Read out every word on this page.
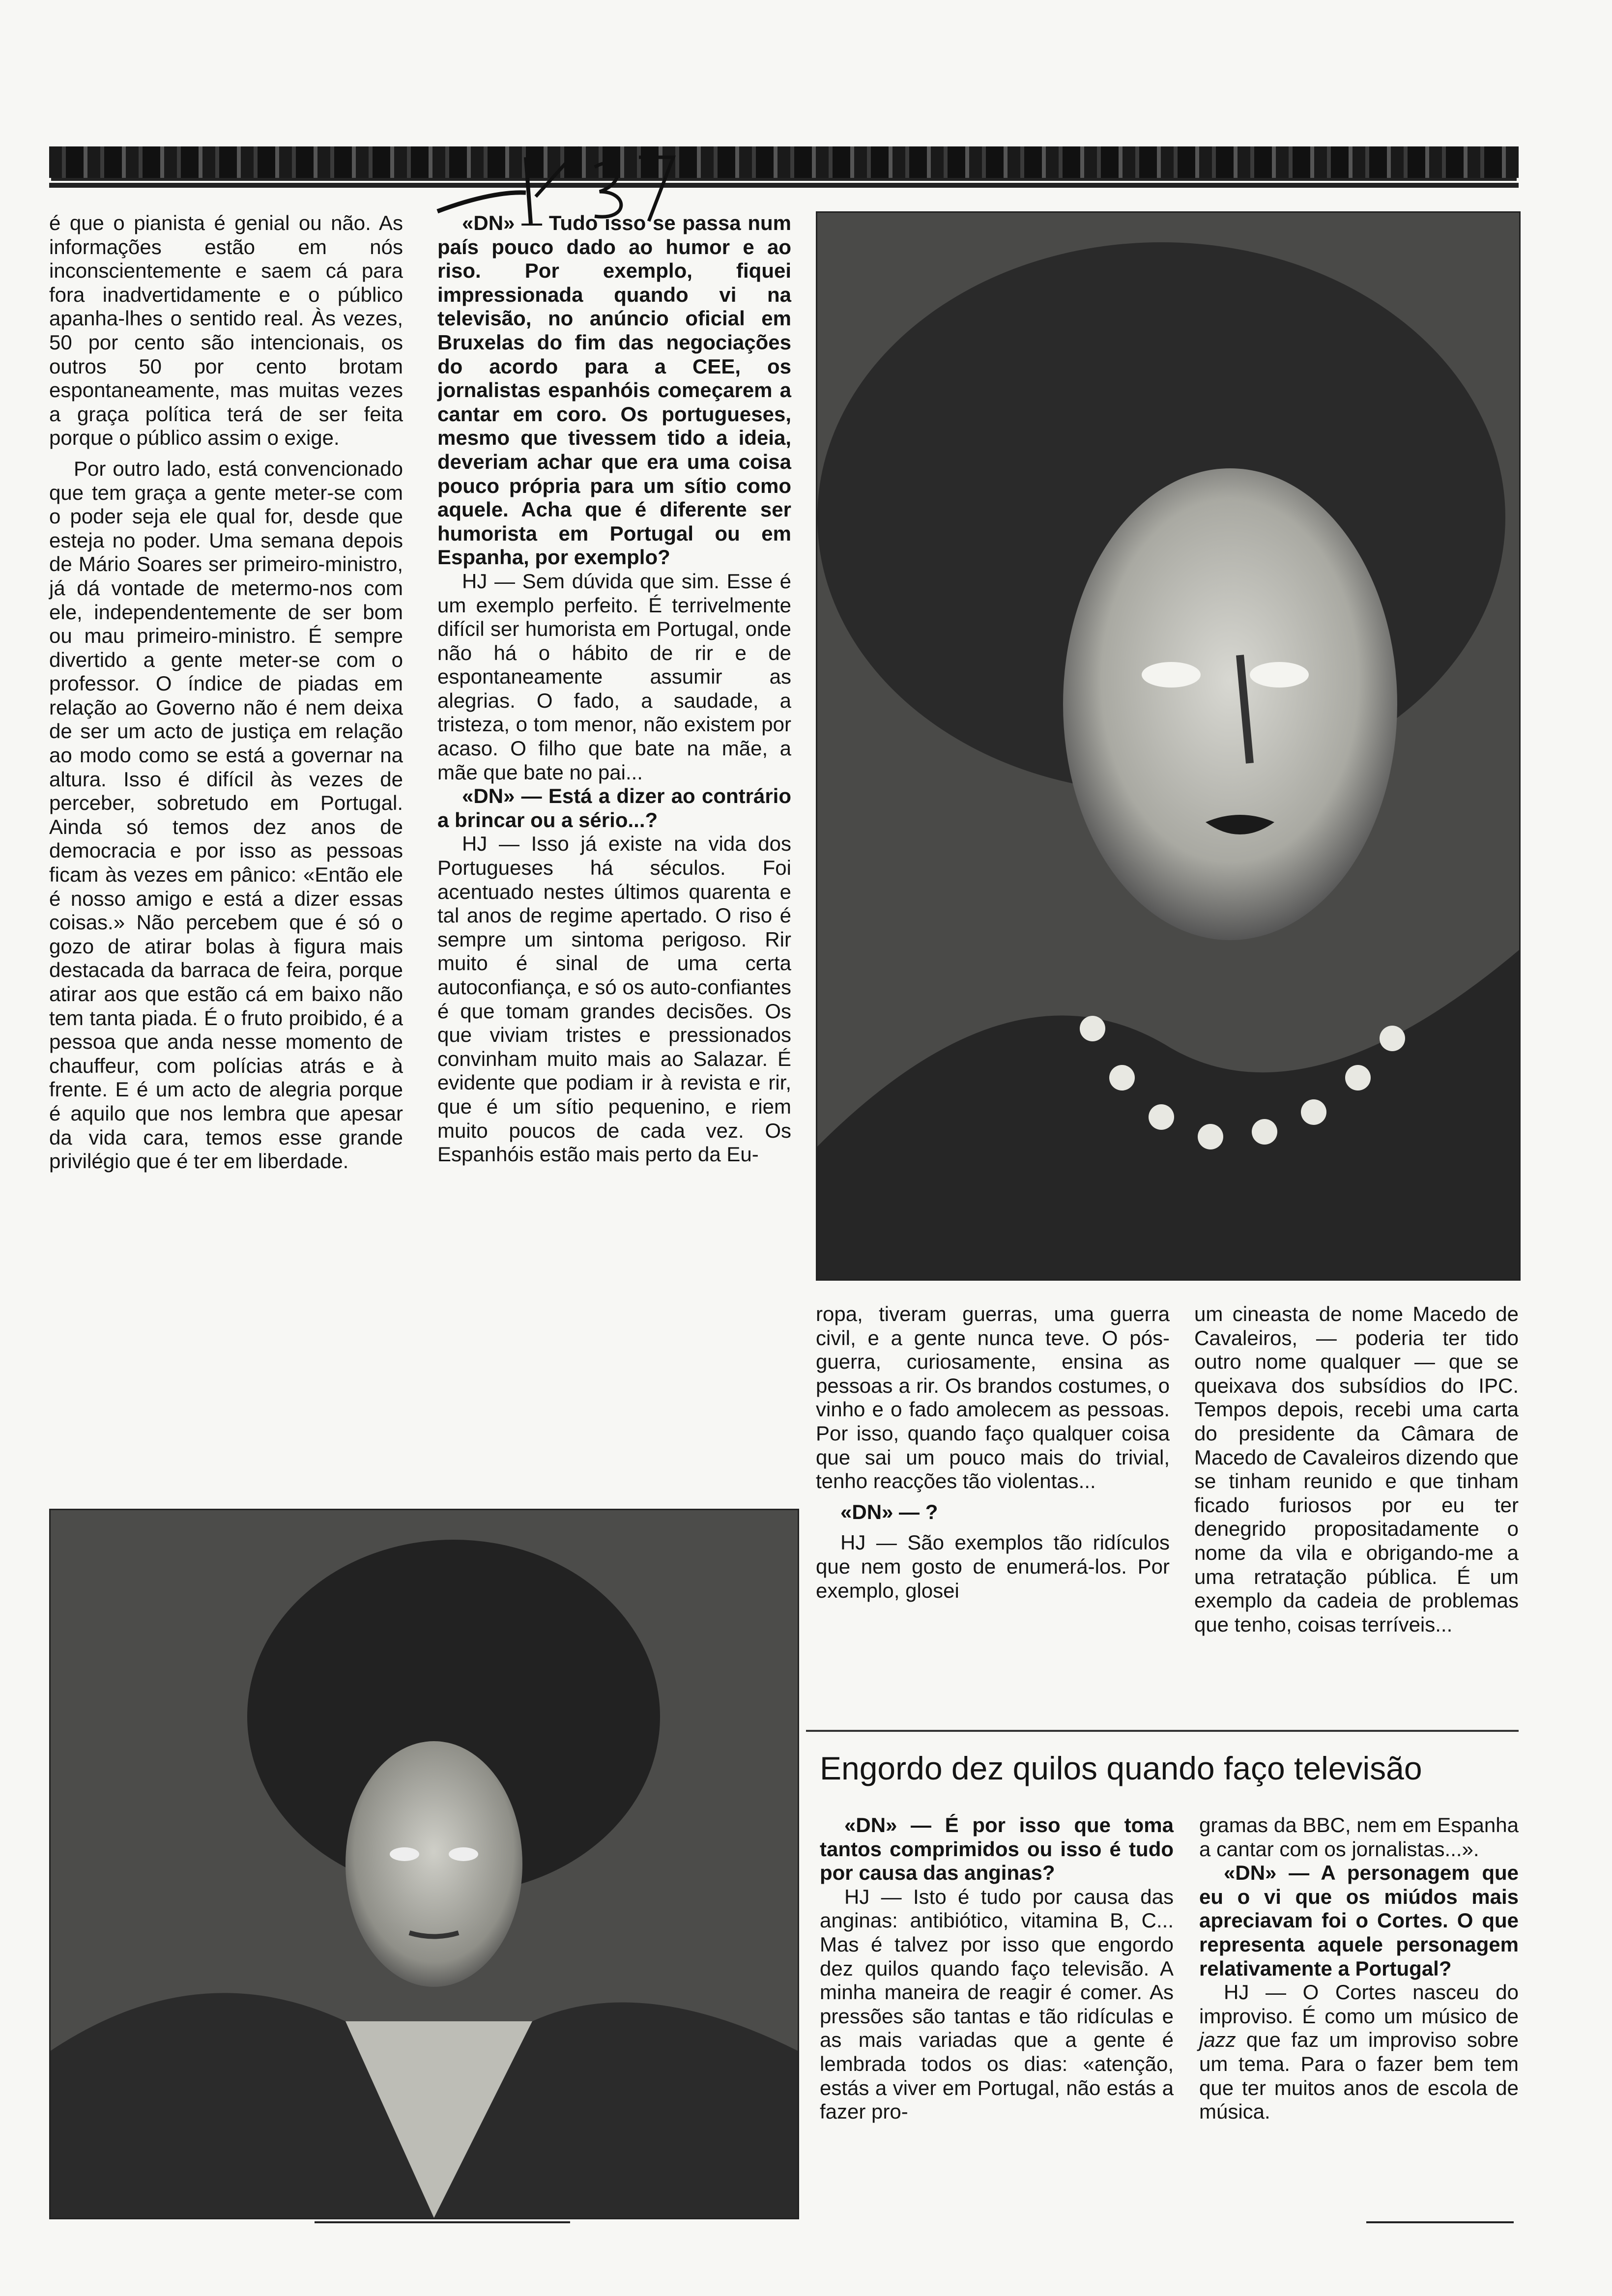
é que o pianista é genial ou não. As informações estão em nós inconscientemente e saem cá para fora inadvertidamente e o público apanha-lhes o sentido real. Às vezes, 50 por cento são intencionais, os outros 50 por cento brotam espontaneamente, mas muitas vezes a graça política terá de ser feita porque o público assim o exige.

Por outro lado, está convencionado que tem graça a gente meter-se com o poder seja ele qual for, desde que esteja no poder. Uma semana depois de Mário Soares ser primeiro-ministro, já dá vontade de metermo-nos com ele, independentemente de ser bom ou mau primeiro-ministro. É sempre divertido a gente meter-se com o professor. O índice de piadas em relação ao Governo não é nem deixa de ser um acto de justiça em relação ao modo como se está a governar na altura. Isso é difícil às vezes de perceber, sobretudo em Portugal. Ainda só temos dez anos de democracia e por isso as pessoas ficam às vezes em pânico: «Então ele é nosso amigo e está a dizer essas coisas.» Não percebem que é só o gozo de atirar bolas à figura mais destacada da barraca de feira, porque atirar aos que estão cá em baixo não tem tanta piada. É o fruto proibido, é a pessoa que anda nesse momento de chauffeur, com polícias atrás e à frente. E é um acto de alegria porque é aquilo que nos lembra que apesar da vida cara, temos esse grande privilégio que é ter em liberdade.

«DN» — Tudo isso se passa num país pouco dado ao humor e ao riso. Por exemplo, fiquei impressionada quando vi na televisão, no anúncio oficial em Bruxelas do fim das negociações do acordo para a CEE, os jornalistas espanhóis começarem a cantar em coro. Os portugueses, mesmo que tivessem tido a ideia, deveriam achar que era uma coisa pouco própria para um sítio como aquele. Acha que é diferente ser humorista em Portugal ou em Espanha, por exemplo?

HJ — Sem dúvida que sim. Esse é um exemplo perfeito. É terrivelmente difícil ser humorista em Portugal, onde não há o hábito de rir e de espontaneamente assumir as alegrias. O fado, a saudade, a tristeza, o tom menor, não existem por acaso. O filho que bate na mãe, a mãe que bate no pai...

«DN» — Está a dizer ao contrário a brincar ou a sério...?

HJ — Isso já existe na vida dos Portugueses há séculos. Foi acentuado nestes últimos quarenta e tal anos de regime apertado. O riso é sempre um sintoma perigoso. Rir muito é sinal de uma certa autoconfiança, e só os auto-confiantes é que tomam grandes decisões. Os que viviam tristes e pressionados convinham muito mais ao Salazar. É evidente que podiam ir à revista e rir, que é um sítio pequenino, e riem muito poucos de cada vez. Os Espanhóis estão mais perto da Eu-

ropa, tiveram guerras, uma guerra civil, e a gente nunca teve. O pós-guerra, curiosamente, ensina as pessoas a rir. Os brandos costumes, o vinho e o fado amolecem as pessoas. Por isso, quando faço qualquer coisa que sai um pouco mais do trivial, tenho reacções tão violentas...

«DN» — ?

HJ — São exemplos tão ridículos que nem gosto de enumerá-los. Por exemplo, glosei

um cineasta de nome Macedo de Cavaleiros, — poderia ter tido outro nome qualquer — que se queixava dos subsídios do IPC. Tempos depois, recebi uma carta do presidente da Câmara de Macedo de Cavaleiros dizendo que se tinham reunido e que tinham ficado furiosos por eu ter denegrido propositadamente o nome da vila e obrigando-me a uma retratação pública. É um exemplo da cadeia de problemas que tenho, coisas terríveis...

Engordo dez quilos quando faço televisão

«DN» — É por isso que toma tantos comprimidos ou isso é tudo por causa das anginas?

HJ — Isto é tudo por causa das anginas: antibiótico, vitamina B, C... Mas é talvez por isso que engordo dez quilos quando faço televisão. A minha maneira de reagir é comer. As pressões são tantas e tão ridículas e as mais variadas que a gente é lembrada todos os dias: «atenção, estás a viver em Portugal, não estás a fazer pro-

gramas da BBC, nem em Espanha a cantar com os jornalistas...».

«DN» — A personagem que eu o vi que os miúdos mais apreciavam foi o Cortes. O que representa aquele personagem relativamente a Portugal?

HJ — O Cortes nasceu do improviso. É como um músico de jazz que faz um improviso sobre um tema. Para o fazer bem tem que ter muitos anos de escola de música.
